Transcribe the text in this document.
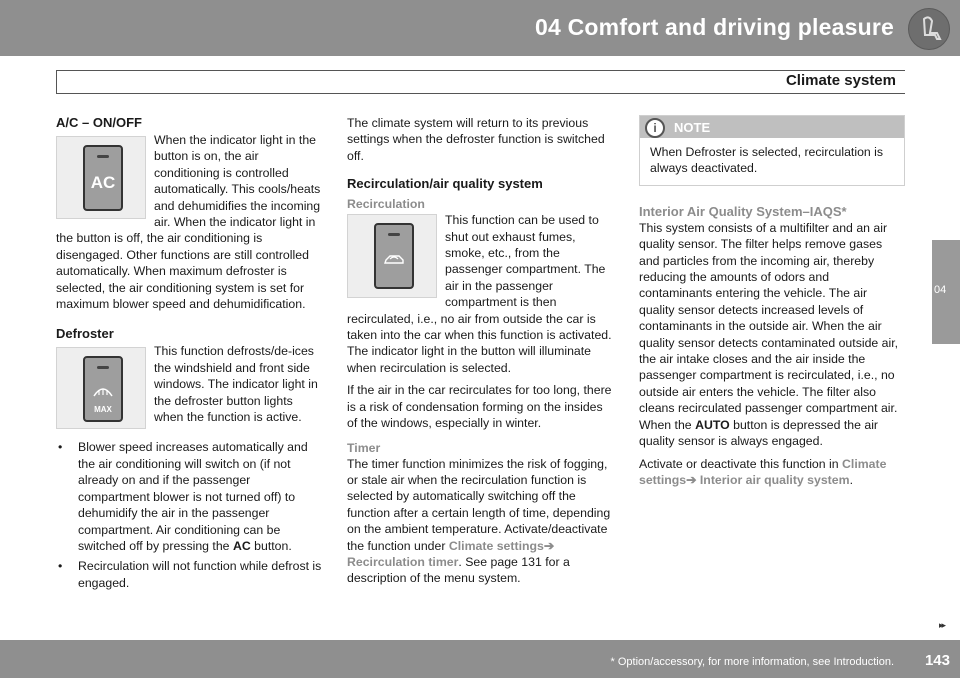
04 Comfort and driving pleasure
Climate system
04
A/C – ON/OFF
AC

When the indicator light in the button is on, the air conditioning is controlled automatically. This cools/heats and dehumidifies the incoming air. When the indicator light in the button is off, the air conditioning is disengaged. Other functions are still controlled automatically. When maximum defroster is selected, the air conditioning system is set for maximum blower speed and dehumidification.

Defroster
MAX

This function defrosts/de-ices the windshield and front side windows. The indicator light in the defroster button lights when the function is active.

• Blower speed increases automatically and the air conditioning will switch on (if not already on and if the passenger compartment blower is not turned off) to dehumidify the air in the passenger compartment. Air conditioning can be switched off by pressing the AC button.
• Recirculation will not function while defrost is engaged.

The climate system will return to its previous settings when the defroster function is switched off.

Recirculation/air quality system
Recirculation

This function can be used to shut out exhaust fumes, smoke, etc., from the passenger compartment. The air in the passenger compartment is then recirculated, i.e., no air from outside the car is taken into the car when this function is activated. The indicator light in the button will illuminate when recirculation is selected.

If the air in the car recirculates for too long, there is a risk of condensation forming on the insides of the windows, especially in winter.

Timer

The timer function minimizes the risk of fogging, or stale air when the recirculation function is selected by automatically switching off the function after a certain length of time, depending on the ambient temperature. Activate/deactivate the function under Climate settings➔ Recirculation timer. See page 131 for a description of the menu system.

i	NOTE
When Defroster is selected, recirculation is always deactivated.
Interior Air Quality System–IAQS*

This system consists of a multifilter and an air quality sensor. The filter helps remove gases and particles from the incoming air, thereby reducing the amounts of odors and contaminants entering the vehicle. The air quality sensor detects increased levels of contaminants in the outside air. When the air quality sensor detects contaminated outside air, the air intake closes and the air inside the passenger compartment is recirculated, i.e., no outside air enters the vehicle. The filter also cleans recirculated passenger compartment air. When the AUTO button is depressed the air quality sensor is always engaged.

Activate or deactivate this function in Climate settings➔ Interior air quality system.

▸▸
* Option/accessory, for more information, see Introduction. 143
